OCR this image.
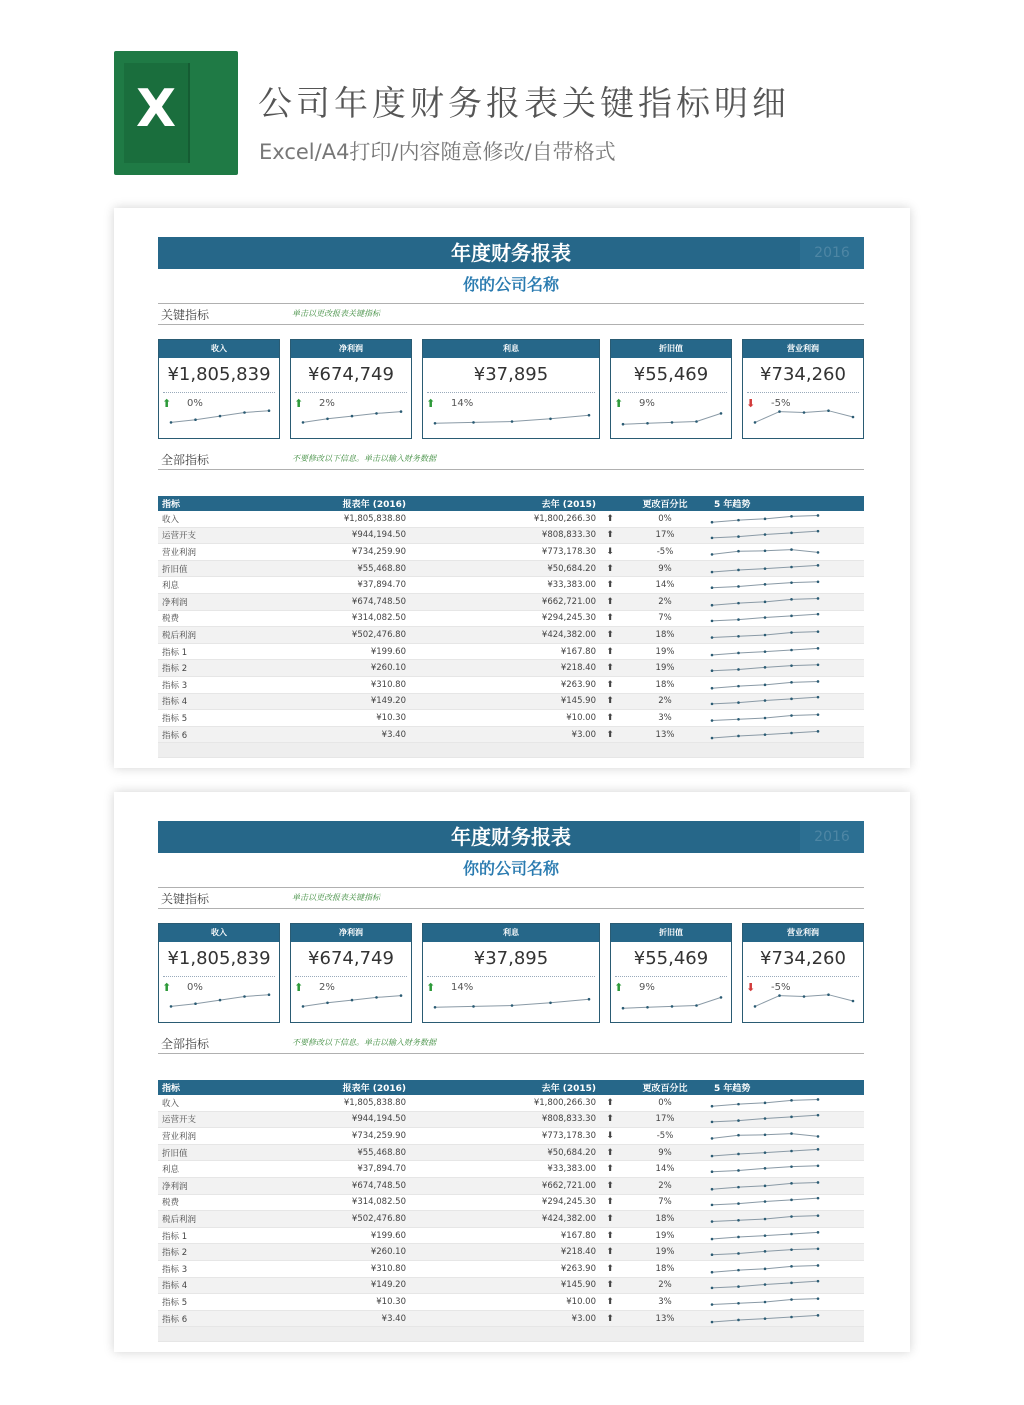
X 公司年度财务报表关键指标明细
Excel/A4打印/内容随意修改/自带格式
年度财务报表	2016
你的公司名称
关键指标	单击以更改报表关键指标
收入
¥1,805,839
⬆ 0%
净利润
¥674,749
⬆ 2%
利息
¥37,895
⬆ 14%
折旧值
¥55,469
⬆ 9%
营业利润
¥734,260
⬇ -5%
全部指标	不要修改以下信息。单击以输入财务数据
指标	报表年 (2016)	去年 (2015)		更改百分比	5 年趋势
收入	¥1,805,838.80	¥1,800,266.30	⬆	0%	

运营开支	¥944,194.50	¥808,833.30	⬆	17%	

营业利润	¥734,259.90	¥773,178.30	⬇	-5%	

折旧值	¥55,468.80	¥50,684.20	⬆	9%	

利息	¥37,894.70	¥33,383.00	⬆	14%	

净利润	¥674,748.50	¥662,721.00	⬆	2%	

税费	¥314,082.50	¥294,245.30	⬆	7%	

税后利润	¥502,476.80	¥424,382.00	⬆	18%	

指标 1	¥199.60	¥167.80	⬆	19%	

指标 2	¥260.10	¥218.40	⬆	19%	

指标 3	¥310.80	¥263.90	⬆	18%	

指标 4	¥149.20	¥145.90	⬆	2%	

指标 5	¥10.30	¥10.00	⬆	3%	

指标 6	¥3.40	¥3.00	⬆	13%	

年度财务报表	2016
你的公司名称
关键指标	单击以更改报表关键指标
收入
¥1,805,839
⬆ 0%
净利润
¥674,749
⬆ 2%
利息
¥37,895
⬆ 14%
折旧值
¥55,469
⬆ 9%
营业利润
¥734,260
⬇ -5%
全部指标	不要修改以下信息。单击以输入财务数据
指标	报表年 (2016)	去年 (2015)		更改百分比	5 年趋势
收入	¥1,805,838.80	¥1,800,266.30	⬆	0%	

运营开支	¥944,194.50	¥808,833.30	⬆	17%	

营业利润	¥734,259.90	¥773,178.30	⬇	-5%	

折旧值	¥55,468.80	¥50,684.20	⬆	9%	

利息	¥37,894.70	¥33,383.00	⬆	14%	

净利润	¥674,748.50	¥662,721.00	⬆	2%	

税费	¥314,082.50	¥294,245.30	⬆	7%	

税后利润	¥502,476.80	¥424,382.00	⬆	18%	

指标 1	¥199.60	¥167.80	⬆	19%	

指标 2	¥260.10	¥218.40	⬆	19%	

指标 3	¥310.80	¥263.90	⬆	18%	

指标 4	¥149.20	¥145.90	⬆	2%	

指标 5	¥10.30	¥10.00	⬆	3%	

指标 6	¥3.40	¥3.00	⬆	13%	
